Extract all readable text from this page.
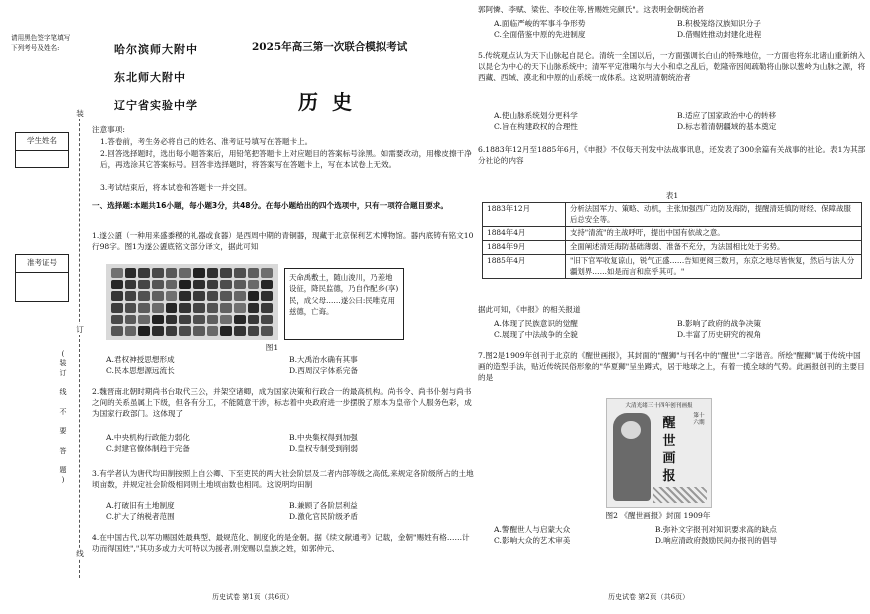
请用黑色签字笔填写下列考号及姓名:
学生姓名
准考证号
(
装
订
线
不
要
答
题
)
装
订
线
哈尔滨师大附中
东北师大附中
辽宁省实验中学
2025年高三第一次联合模拟考试
历史
注意事项:
1.答卷前，考生务必将自己的姓名、准考证号填写在答题卡上。
2.回答选择题时，选出每小题答案后，用铅笔把答题卡上对应题目的答案标号涂黑。如需要改动，用橡皮擦干净后，再选涂其它答案标号。回答非选择题时，将答案写在答题卡上，写在本试卷上无效。
3.考试结束后，将本试卷和答题卡一并交回。
一、选择题:本题共16小题，每小题3分，共48分。在每小题给出的四个选项中，只有一项符合题目要求。
1.遂公盨（一种用来盛黍稷的礼器或食器）是西周中期的青铜器，现藏于北京保利艺术博物馆。器内底铸有铭文10行98字。图1为遂公盨底铭文部分译文，据此可知
天命禹敷土，随山浚川，乃差地设征，降民监德，乃自作配乡(享)民，成父母……遂公曰:民唯克用兹德，亡诲。
图1
A.君权神授思想形成	B.大禹治水确有其事
C.民本思想源远流长	D.西周汉字体系完备
2.魏晋南北朝时期尚书台取代三公，并架空诸卿，成为国家决策和行政合一的最高机构。尚书令、尚书仆射与尚书之间的关系虽属上下级，但各有分工，不能随意干涉，标志着中央政府进一步摆脱了原本为皇帝个人服务色彩，成为国家行政部门。这体现了
A.中央机构行政能力弱化	B.中央集权得到加强
C.封建官僚体制趋于完备	D.皇权专制受到削弱
3.有学者认为唐代均田制按照上自公卿、下至吏民的两大社会阶层及二者内部等级之高低,来规定各阶级所占的土地顷亩数，并规定社会阶级相同则土地顷亩数也相同。这说明均田制
A.打破旧有土地制度	B.兼顾了各阶层利益
C.扩大了纳税者范围	D.激化官民阶级矛盾
4.在中国古代,以军功赐国姓最典型、最规范化、制度化的是金朝。据《续文献通考》记载，金朝"赐姓有格……计功而得国姓","其功多或力大可特以为援者,则宠赐以皇族之姓，如郭仲元、
历史试卷 第1页（共6页）
郭阿憐、李赋、梁佐、李咬住等,皆赐姓完颜氏"。这表明金朝统治者
A.面临严峻的军事斗争形势	B.积极笼络汉族知识分子
C.全面借鉴中原的先进制度	D.借赐姓推动封建化进程
5.传统观点认为天下山脉起自昆仑。清统一全国以后，一方面强调长白山的特殊地位，一方面也将东北诸山重新纳入以昆仑为中心的天下山脉系统中；清军平定准噶尔与大小和卓之乱后，乾隆帝因阅疏勒将山脉以葱岭为山脉之源，将西藏、西域、漠北和中原的山系统一成体系。这说明清朝统治者
A.使山脉系统划分更科学	B.适应了国家政治中心的转移
C.旨在构建政权的合理性	D.标志着清朝疆域的基本奠定
6.1883年12月至1885年6月，《申报》不仅每天刊发中法战事讯息，还发表了300余篇有关战事的社论。表1为其部分社论的内容
表1
1883年12月	分析法国军力、策略、动机，主张加强西广边防及海防，提醒清廷慎防财经、保障战服后总安全等。
1884年4月	支持"清流"的主战呼吁，提出中国有依战之意。
1884年9月	全面阐述清廷海防基础薄弱、准备不充分，为法国相比处于劣势。
1885年4月	"旧下官军收复谅山，锐气正盛……告知更阅三数月，东京之地尽皆恢复，然后与法人分疆划界……如是而言和庶乎其可。"
据此可知，《申报》的相关报道
A.体现了民族意识的觉醒	B.影响了政府的战争决策
C.展现了中法战争的全貌	D.丰富了历史研究的视角
7.图2是1909年创刊于北京的《醒世画报》，其封面的"醒狮"与刊名中的"醒世"二字谐音。所绘"醒狮"属于传统中国画的造型手法，贴近传统民俗形象的"华夏狮"呈坐蹲式，居于地球之上，有着一揽全球的气势。此画报创刊的主要目的是
大清光绪三十四年创刊画报
醒
世
画
报
第十六期
图2 《醒世画报》封面 1909年
A.警醒世人与启蒙大众	B.弥补文字报刊对知识要求高的缺点
C.影响大众的艺术审美	D.响应清政府鼓励民间办报刊的倡导
历史试卷 第2页（共6页）
